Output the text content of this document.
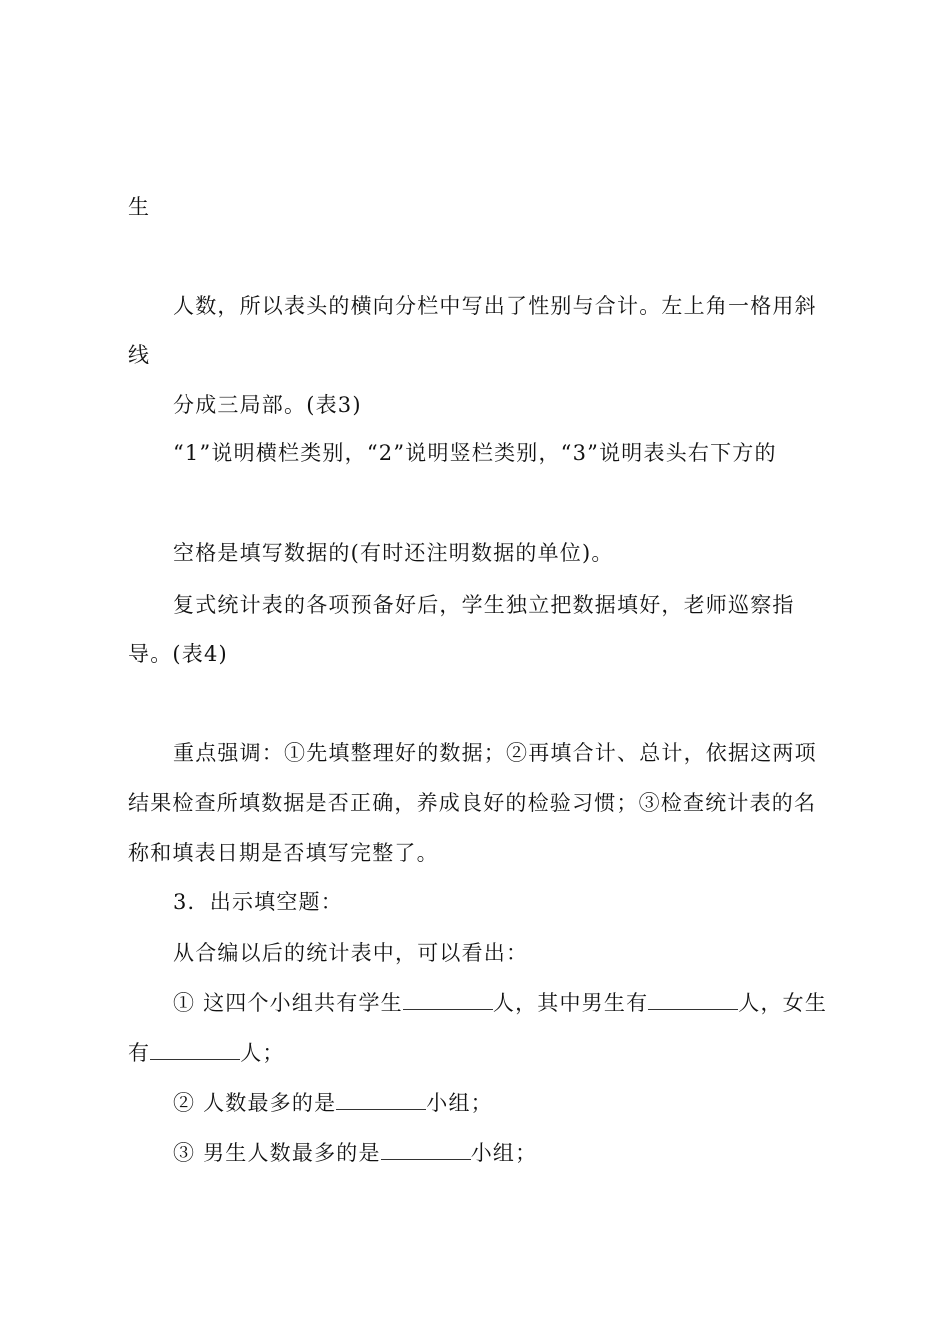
生
人数，所以表头的横向分栏中写出了性别与合计。左上角一格用斜
线
分成三局部。(表3)
“1”说明横栏类别，“2”说明竖栏类别，“3”说明表头右下方的
空格是填写数据的(有时还注明数据的单位)。
复式统计表的各项预备好后，学生独立把数据填好，老师巡察指
导。(表4)
重点强调：①先填整理好的数据；②再填合计、总计，依据这两项
结果检查所填数据是否正确，养成良好的检验习惯；③检查统计表的名
称和填表日期是否填写完整了。
3．出示填空题：
从合编以后的统计表中，可以看出：
① 这四个小组共有学生	人，其中男生有	人，女生
有	人；
② 人数最多的是	小组；
③ 男生人数最多的是	小组；
